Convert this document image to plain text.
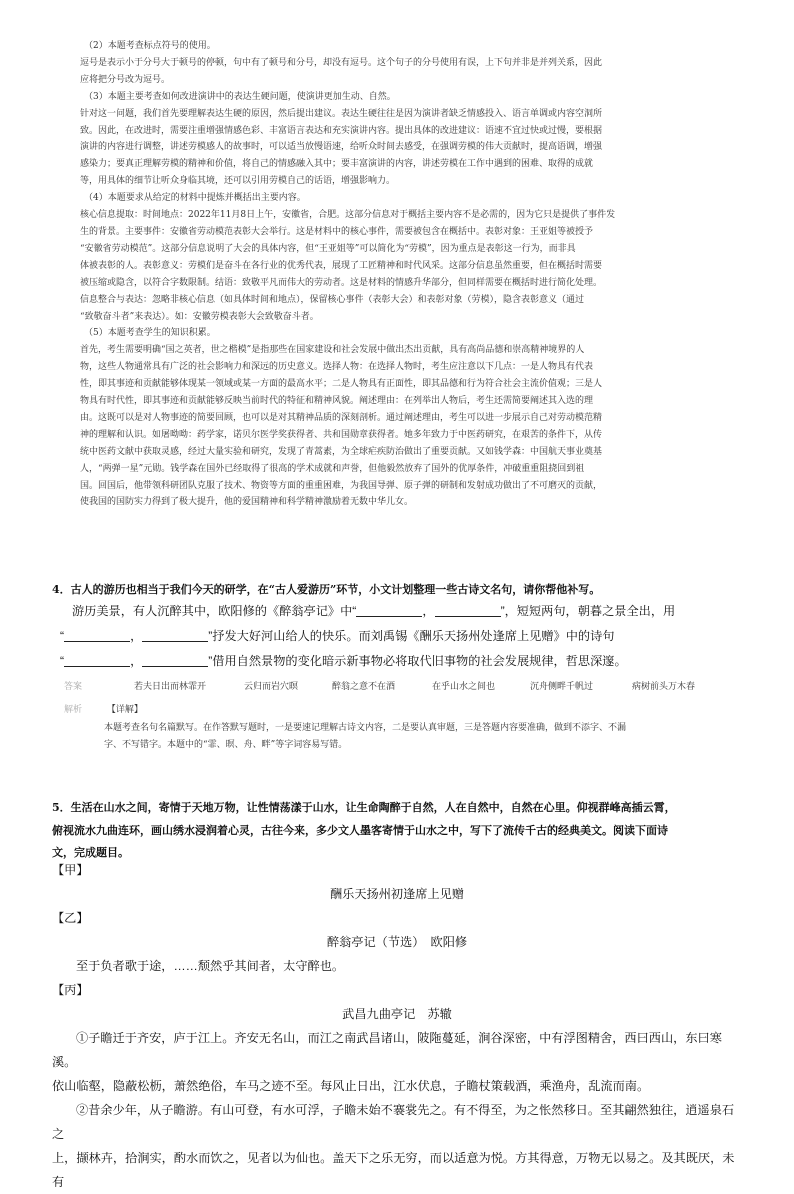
（2）本题考查标点符号的使用。

逗号是表示小于分号大于顿号的停顿，句中有了顿号和分号，却没有逗号。这个句子的分号使用有误，上下句并非是并列关系，因此

应将把分号改为逗号。

（3）本题主要考查如何改进演讲中的表达生硬问题，使演讲更加生动、自然。

针对这一问题，我们首先要理解表达生硬的原因，然后提出建议。表达生硬往往是因为演讲者缺乏情感投入、语言单调或内容空洞所

致。因此，在改进时，需要注重增强情感色彩、丰富语言表达和充实演讲内容。提出具体的改进建议：语速不宜过快或过慢，要根据

演讲的内容进行调整，讲述劳模感人的故事时，可以适当放慢语速，给听众时间去感受，在强调劳模的伟大贡献时，提高语调，增强

感染力；要真正理解劳模的精神和价值，将自己的情感融入其中；要丰富演讲的内容，讲述劳模在工作中遇到的困难、取得的成就

等，用具体的细节让听众身临其境，还可以引用劳模自己的话语，增强影响力。

（4）本题要求从给定的材料中提炼并概括出主要内容。

核心信息提取：时间地点：2022年11月8日上午，安徽省，合肥。这部分信息对于概括主要内容不是必需的，因为它只是提供了事件发

生的背景。主要事件：安徽省劳动模范表彰大会举行。这是材料中的核心事件，需要被包含在概括中。表彰对象：王亚姐等被授予

“安徽省劳动模范”。这部分信息说明了大会的具体内容，但“王亚姐等”可以简化为“劳模”，因为重点是表彰这一行为，而非具

体被表彰的人。表彰意义：劳模们是奋斗在各行业的优秀代表，展现了工匠精神和时代风采。这部分信息虽然重要，但在概括时需要

被压缩或隐含，以符合字数限制。结语：致敬平凡而伟大的劳动者。这是材料的情感升华部分，但同样需要在概括时进行简化处理。

信息整合与表达：忽略非核心信息（如具体时间和地点），保留核心事件（表彰大会）和表彰对象（劳模），隐含表彰意义（通过

“致敬奋斗者”来表达）。如：安徽劳模表彰大会致敬奋斗者。

（5）本题考查学生的知识积累。

首先，考生需要明确“国之英者，世之楷模”是指那些在国家建设和社会发展中做出杰出贡献，具有高尚品德和崇高精神境界的人

物，这些人物通常具有广泛的社会影响力和深远的历史意义。选择人物：在选择人物时，考生应注意以下几点：一是人物具有代表

性，即其事迹和贡献能够体现某一领域或某一方面的最高水平；二是人物具有正面性，即其品德和行为符合社会主流价值观；三是人

物具有时代性，即其事迹和贡献能够反映当前时代的特征和精神风貌。阐述理由：在列举出人物后，考生还需简要阐述其入选的理

由。这既可以是对人物事迹的简要回顾，也可以是对其精神品质的深刻剖析。通过阐述理由，考生可以进一步展示自己对劳动模范精

神的理解和认识。如屠呦呦：药学家，诺贝尔医学奖获得者、共和国勋章获得者。她多年致力于中医药研究，在艰苦的条件下，从传

统中医药文献中获取灵感，经过大量实验和研究，发现了青蒿素，为全球疟疾防治做出了重要贡献。又如钱学森：中国航天事业奠基

人，“两弹一星”元勋。钱学森在国外已经取得了很高的学术成就和声誉，但他毅然放弃了国外的优厚条件，冲破重重阻挠回到祖

国。回国后，他带领科研团队克服了技术、物资等方面的重重困难，为我国导弹、原子弹的研制和发射成功做出了不可磨灭的贡献，

使我国的国防实力得到了极大提升，他的爱国精神和科学精神激励着无数中华儿女。

4．古人的游历也相当于我们今天的研学，在“古人爱游历”环节，小文计划整理一些古诗文名句，请你帮他补写。

游历美景，有人沉醉其中，欧阳修的《醉翁亭记》中“	，	”，短短两句，朝暮之景全出，用

“	，	”抒发大好河山给人的快乐。而刘禹锡《酬乐天扬州处逢席上见赠》中的诗句

“	，	”借用自然景物的变化暗示新事物必将取代旧事物的社会发展规律，哲思深邃。

答案	若夫日出而林霏开	云归而岩穴暝	醉翁之意不在酒	在乎山水之间也	沉舟侧畔千帆过	病树前头万木春

解析	【详解】

本题考查名句名篇默写。在作答默写题时，一是要速记理解古诗文内容，二是要认真审题，三是答题内容要准确，做到不添字、不漏

字、不写错字。本题中的“霏、暝、舟、畔”等字词容易写错。

5．生活在山水之间，寄情于天地万物，让性情荡漾于山水，让生命陶醉于自然，人在自然中，自然在心里。仰视群峰高插云霄，

俯视流水九曲连环，画山绣水浸润着心灵，古往今来，多少文人墨客寄情于山水之中，写下了流传千古的经典美文。阅读下面诗

文，完成题目。

【甲】

酬乐天扬州初逢席上见赠

【乙】

醉翁亭记（节选）　欧阳修

至于负者歌于途，……颓然乎其间者，太守醉也。

【丙】

武昌九曲亭记　苏辙

①子瞻迁于齐安，庐于江上。齐安无名山，而江之南武昌诸山，陂陁蔓延，涧谷深密，中有浮图精舍，西曰西山，东曰寒溪。

依山临壑，隐蔽松枥，萧然绝俗，车马之迹不至。每风止日出，江水伏息，子瞻杖策载酒，乘渔舟，乱流而南。

②昔余少年，从子瞻游。有山可登，有水可浮，子瞻未始不褰裳先之。有不得至，为之怅然移日。至其翩然独往，逍遥泉石之

上，撷林卉，拾涧实，酌水而饮之，见者以为仙也。盖天下之乐无穷，而以适意为悦。方其得意，万物无以易之。及其既厌，未有
